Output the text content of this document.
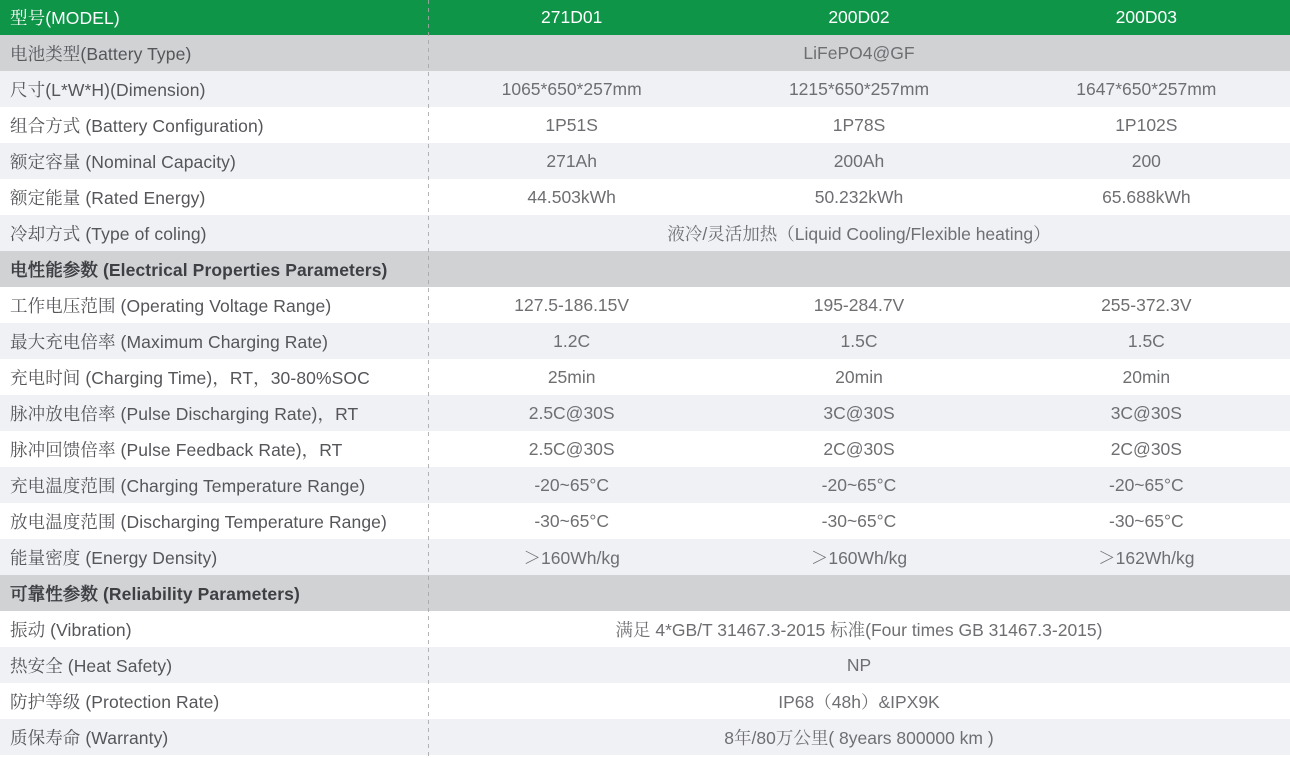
型号(MODEL)	271D01	200D02	200D03
电池类型(Battery Type)	LiFePO4@GF
尺寸(L*W*H)(Dimension)	1065*650*257mm	1215*650*257mm	1647*650*257mm
组合方式 (Battery Configuration)	1P51S	1P78S	1P102S
额定容量 (Nominal Capacity)	271Ah	200Ah	200
额定能量 (Rated Energy)	44.503kWh	50.232kWh	65.688kWh
冷却方式 (Type of coling)	液冷/灵活加热（Liquid Cooling/Flexible heating）
电性能参数 (Electrical Properties Parameters)
工作电压范围 (Operating Voltage Range)	127.5-186.15V	195-284.7V	255-372.3V
最大充电倍率 (Maximum Charging Rate)	1.2C	1.5C	1.5C
充电时间 (Charging Time)，RT，30-80%SOC	25min	20min	20min
脉冲放电倍率 (Pulse Discharging Rate)，RT	2.5C@30S	3C@30S	3C@30S
脉冲回馈倍率 (Pulse Feedback Rate)，RT	2.5C@30S	2C@30S	2C@30S
充电温度范围 (Charging Temperature Range)	-20~65°C	-20~65°C	-20~65°C
放电温度范围 (Discharging Temperature Range)	-30~65°C	-30~65°C	-30~65°C
能量密度 (Energy Density)	＞160Wh/kg	＞160Wh/kg	＞162Wh/kg
可靠性参数 (Reliability Parameters)
振动 (Vibration)	满足 4*GB/T 31467.3-2015 标准(Four times GB 31467.3-2015)
热安全 (Heat Safety)	NP
防护等级 (Protection Rate)	IP68（48h）&IPX9K
质保寿命 (Warranty)	8年/80万公里( 8years 800000 km )
